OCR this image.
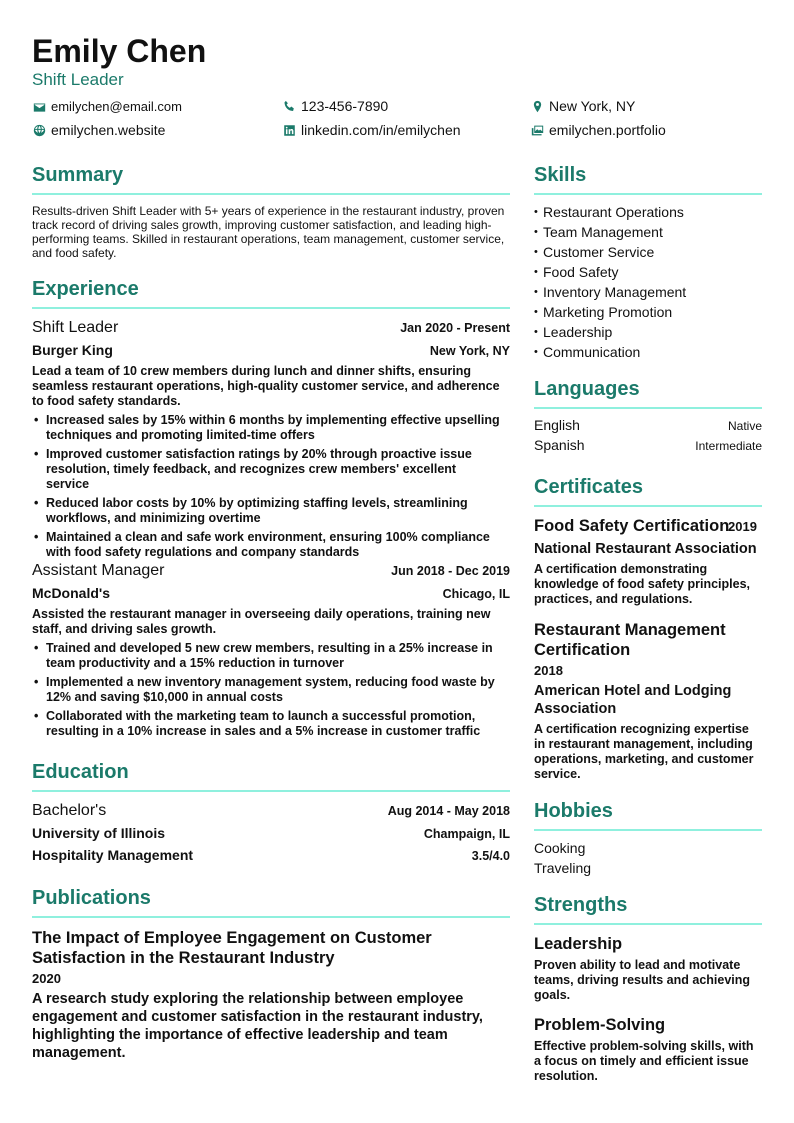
Emily Chen
Shift Leader
emilychen@email.com	123-456-7890	New York, NY
emilychen.website	linkedin.com/in/emilychen	emilychen.portfolio
Summary
Results-driven Shift Leader with 5+ years of experience in the restaurant industry, proven track record of driving sales growth, improving customer satisfaction, and leading high-performing teams. Skilled in restaurant operations, team management, customer service, and food safety.
Experience
Shift Leader	Jan 2020 - Present
Burger King	New York, NY
Lead a team of 10 crew members during lunch and dinner shifts, ensuring seamless restaurant operations, high-quality customer service, and adherence to food safety standards.
• Increased sales by 15% within 6 months by implementing effective upselling techniques and promoting limited-time offers
• Improved customer satisfaction ratings by 20% through proactive issue resolution, timely feedback, and recognizes crew members' excellent service
• Reduced labor costs by 10% by optimizing staffing levels, streamlining workflows, and minimizing overtime
• Maintained a clean and safe work environment, ensuring 100% compliance with food safety regulations and company standards
Assistant Manager	Jun 2018 - Dec 2019
McDonald's	Chicago, IL
Assisted the restaurant manager in overseeing daily operations, training new staff, and driving sales growth.
• Trained and developed 5 new crew members, resulting in a 25% increase in team productivity and a 15% reduction in turnover
• Implemented a new inventory management system, reducing food waste by 12% and saving $10,000 in annual costs
• Collaborated with the marketing team to launch a successful promotion, resulting in a 10% increase in sales and a 5% increase in customer traffic
Education
Bachelor's	Aug 2014 - May 2018
University of Illinois	Champaign, IL
Hospitality Management	3.5/4.0
Publications
The Impact of Employee Engagement on Customer Satisfaction in the Restaurant Industry
2020
A research study exploring the relationship between employee engagement and customer satisfaction in the restaurant industry, highlighting the importance of effective leadership and team management.
Skills
• Restaurant Operations
• Team Management
• Customer Service
• Food Safety
• Inventory Management
• Marketing Promotion
• Leadership
• Communication
Languages
English	Native
Spanish	Intermediate
Certificates
Food Safety Certification
2019
National Restaurant Association
A certification demonstrating knowledge of food safety principles, practices, and regulations.
Restaurant Management Certification
2018
American Hotel and Lodging Association
A certification recognizing expertise in restaurant management, including operations, marketing, and customer service.
Hobbies
Cooking
Traveling
Strengths
Leadership
Proven ability to lead and motivate teams, driving results and achieving goals.
Problem-Solving
Effective problem-solving skills, with a focus on timely and efficient issue resolution.
